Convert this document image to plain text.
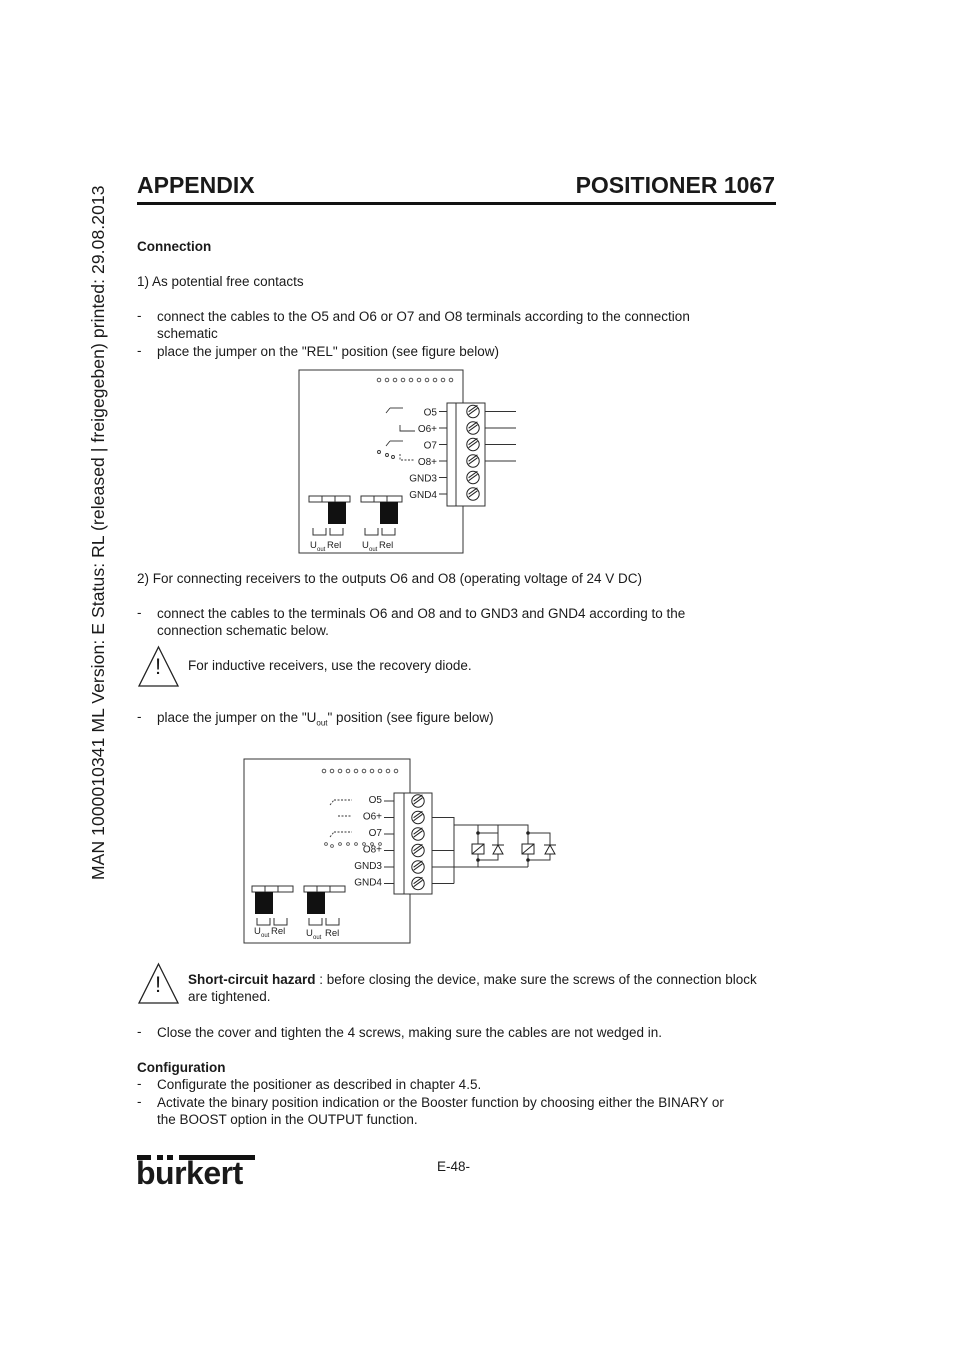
MAN 1000010341 ML Version: E Status: RL (released | freigegeben) printed: 29.08.2013
APPENDIX	POSITIONER 1067
Connection
1) As potential free contacts
- connect the cables to the O5 and O6 or O7 and O8 terminals according to the connection schematic
- place the jumper on the "REL" position (see figure below)
O5
O6+
O7
O8+
GND3
GND4
U out Rel U out Rel
2) For connecting receivers to the outputs O6 and O8 (operating voltage of 24 V DC)
- connect the cables to the terminals O6 and O8 and to GND3 and GND4 according to the connection schematic below.
! For inductive receivers, use the recovery diode.
- place the jumper on the "$U_{out}$" position (see figure below)
O5
O6+
O7
O8+
GND3
GND4
U out Rel U out Rel
! Short-circuit hazard : before closing the device, make sure the screws of the connection block are tightened.
- Close the cover and tighten the 4 screws, making sure the cables are not wedged in.
Configuration
- Configurate the positioner as described in chapter 4.5.
- Activate the binary position indication or the Booster function by choosing either the BINARY or the BOOST option in the OUTPUT function.
burkert	E-48-
